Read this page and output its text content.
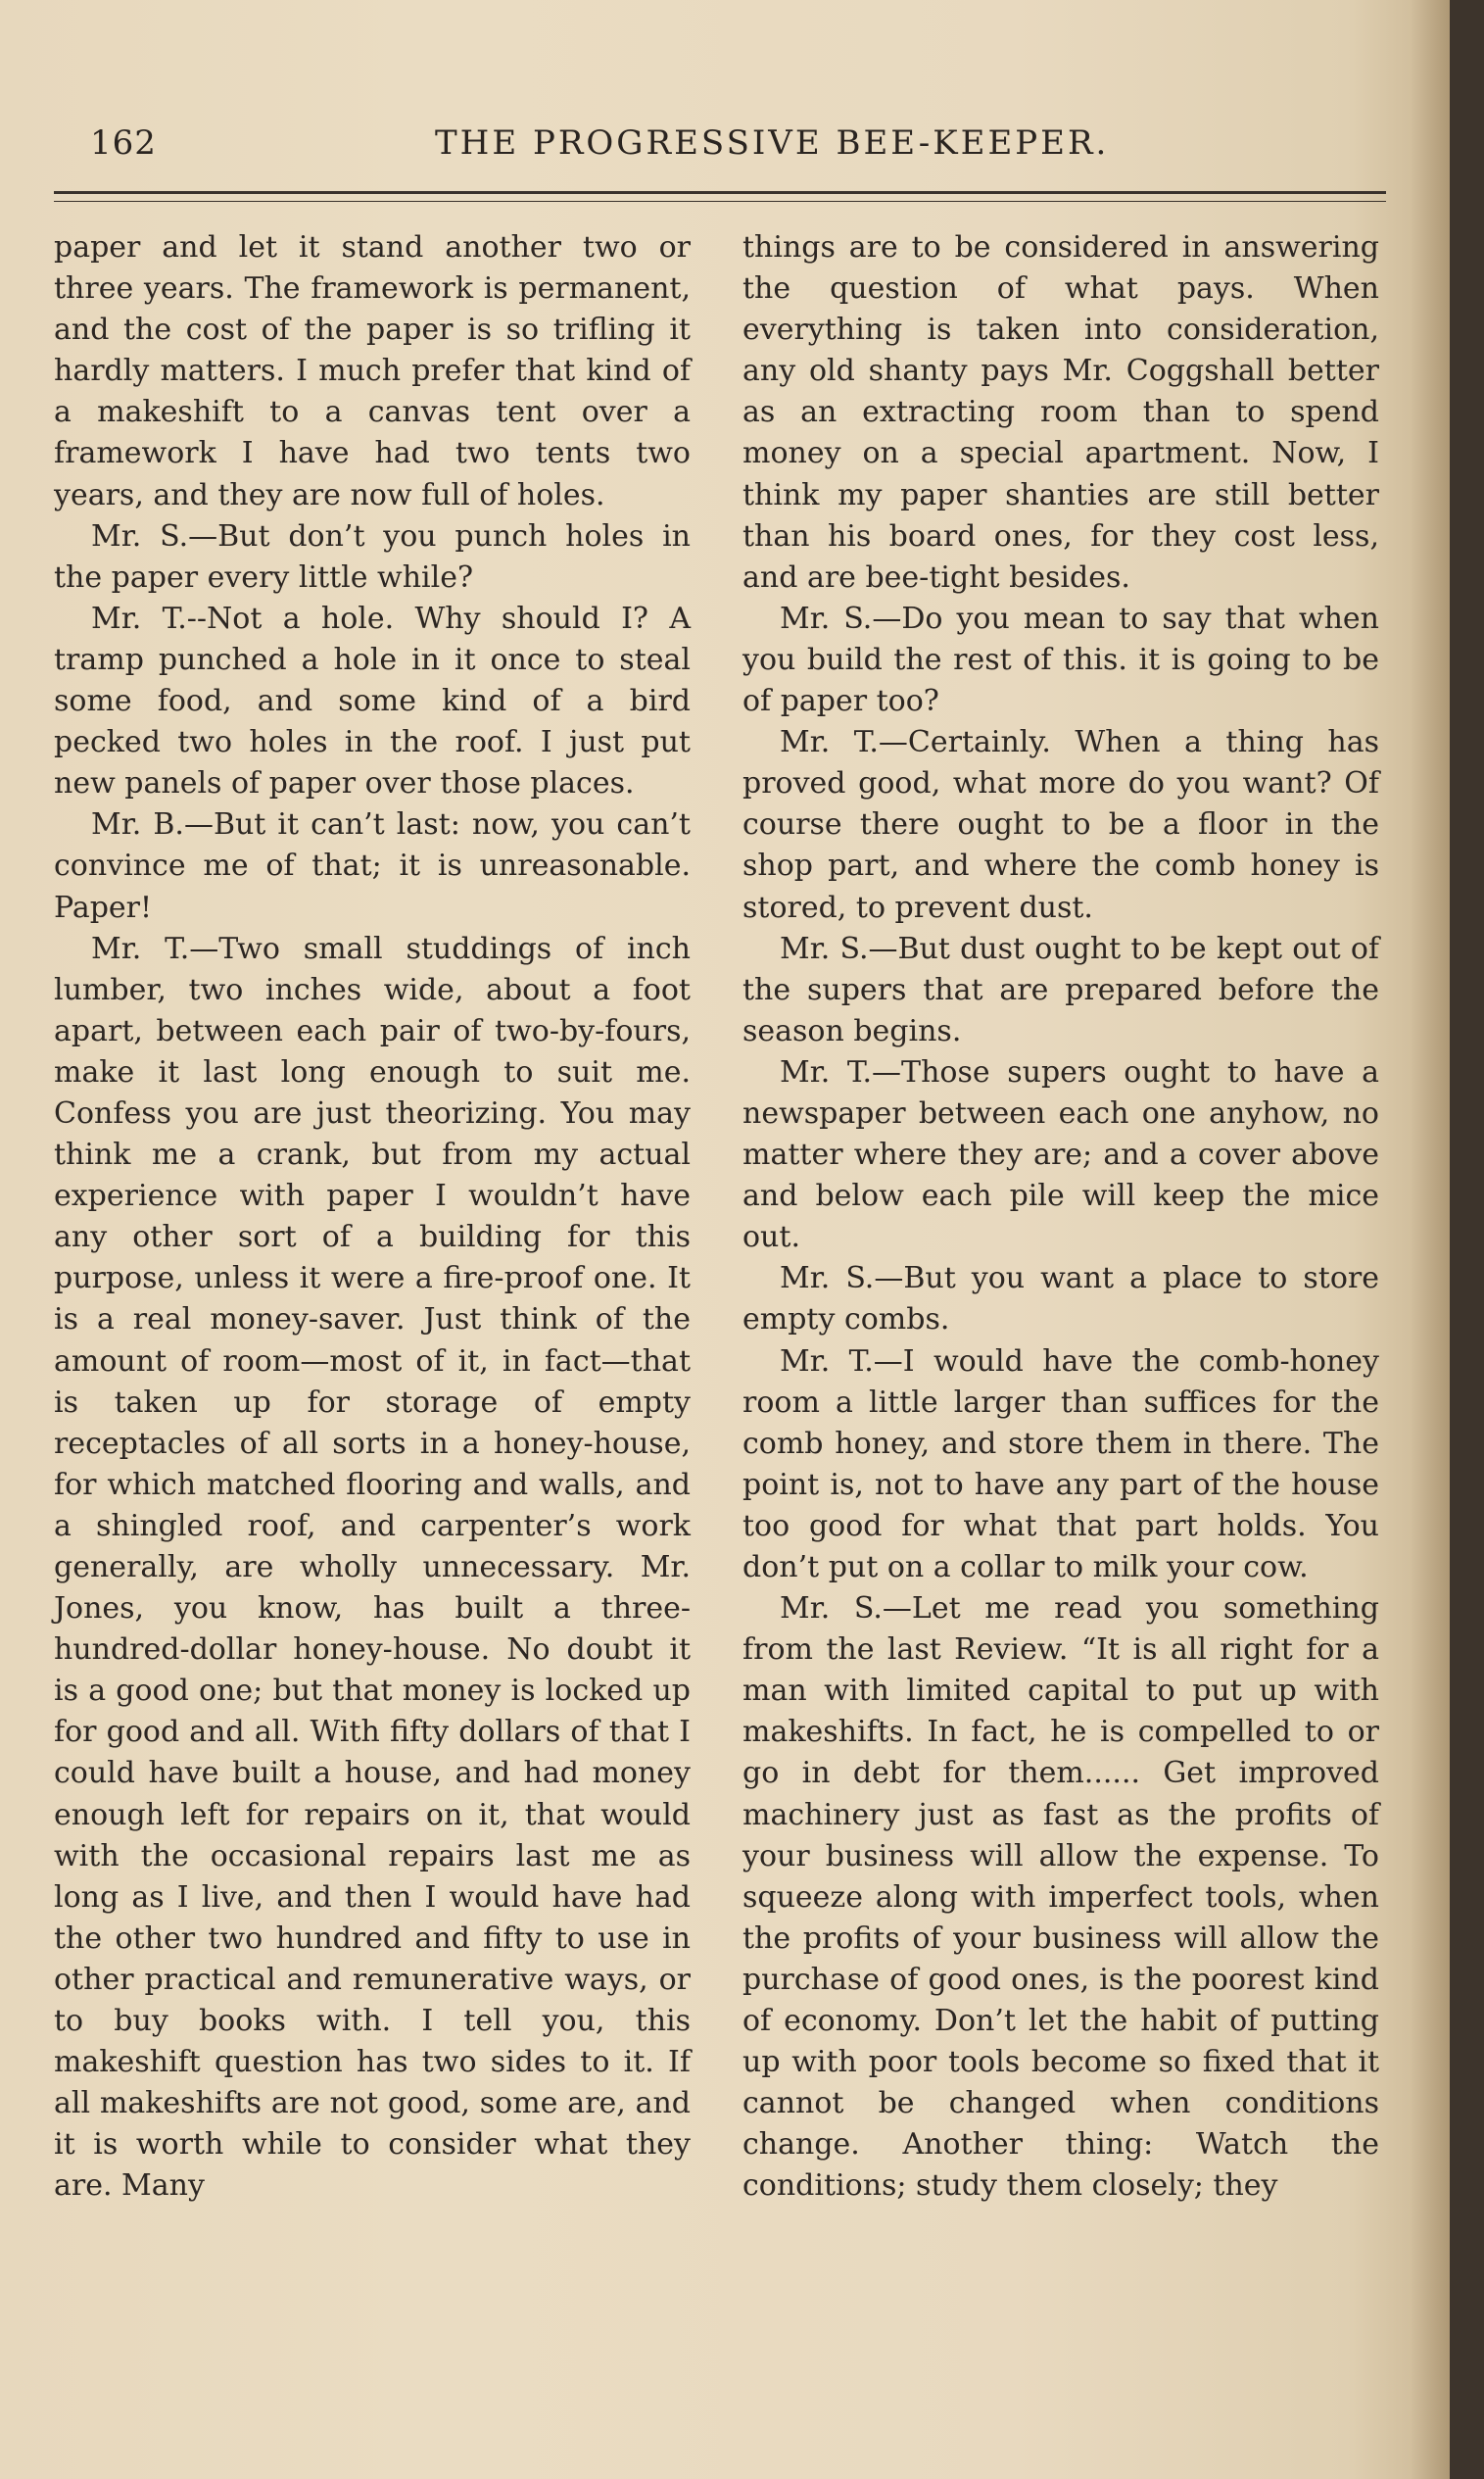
162	THE PROGRESSIVE BEE-KEEPER.

paper and let it stand another two or three years. The framework is permanent, and the cost of the paper is so trifling it hardly matters. I much prefer that kind of a makeshift to a canvas tent over a framework I have had two tents two years, and they are now full of holes.

Mr. S.—But don’t you punch holes in the paper every little while?

Mr. T.--Not a hole. Why should I? A tramp punched a hole in it once to steal some food, and some kind of a bird pecked two holes in the roof. I just put new panels of paper over those places.

Mr. B.—But it can’t last: now, you can’t convince me of that; it is unreasonable. Paper!

Mr. T.—Two small studdings of inch lumber, two inches wide, about a foot apart, between each pair of two-by-fours, make it last long enough to suit me. Confess you are just theorizing. You may think me a crank, but from my actual experience with paper I wouldn’t have any other sort of a building for this purpose, unless it were a fire-proof one. It is a real money-saver. Just think of the amount of room—most of it, in fact—that is taken up for storage of empty receptacles of all sorts in a honey-house, for which matched flooring and walls, and a shingled roof, and carpenter’s work generally, are wholly unnecessary. Mr. Jones, you know, has built a three-hundred-dollar honey-house. No doubt it is a good one; but that money is locked up for good and all. With fifty dollars of that I could have built a house, and had money enough left for repairs on it, that would with the occasional repairs last me as long as I live, and then I would have had the other two hundred and fifty to use in other practical and remunerative ways, or to buy books with. I tell you, this makeshift question has two sides to it. If all makeshifts are not good, some are, and it is worth while to consider what they are. Many

things are to be considered in answering the question of what pays. When everything is taken into consideration, any old shanty pays Mr. Coggshall better as an extracting room than to spend money on a special apartment. Now, I think my paper shanties are still better than his board ones, for they cost less, and are bee-tight besides.

Mr. S.—Do you mean to say that when you build the rest of this. it is going to be of paper too?

Mr. T.—Certainly. When a thing has proved good, what more do you want? Of course there ought to be a floor in the shop part, and where the comb honey is stored, to prevent dust.

Mr. S.—But dust ought to be kept out of the supers that are prepared before the season begins.

Mr. T.—Those supers ought to have a newspaper between each one anyhow, no matter where they are; and a cover above and below each pile will keep the mice out.

Mr. S.—But you want a place to store empty combs.

Mr. T.—I would have the comb-honey room a little larger than suffices for the comb honey, and store them in there. The point is, not to have any part of the house too good for what that part holds. You don’t put on a collar to milk your cow.

Mr. S.—Let me read you something from the last Review. “It is all right for a man with limited capital to put up with makeshifts. In fact, he is compelled to or go in debt for them...... Get improved machinery just as fast as the profits of your business will allow the expense. To squeeze along with imperfect tools, when the profits of your business will allow the purchase of good ones, is the poorest kind of economy. Don’t let the habit of putting up with poor tools become so fixed that it cannot be changed when conditions change. Another thing: Watch the conditions; study them closely; they
